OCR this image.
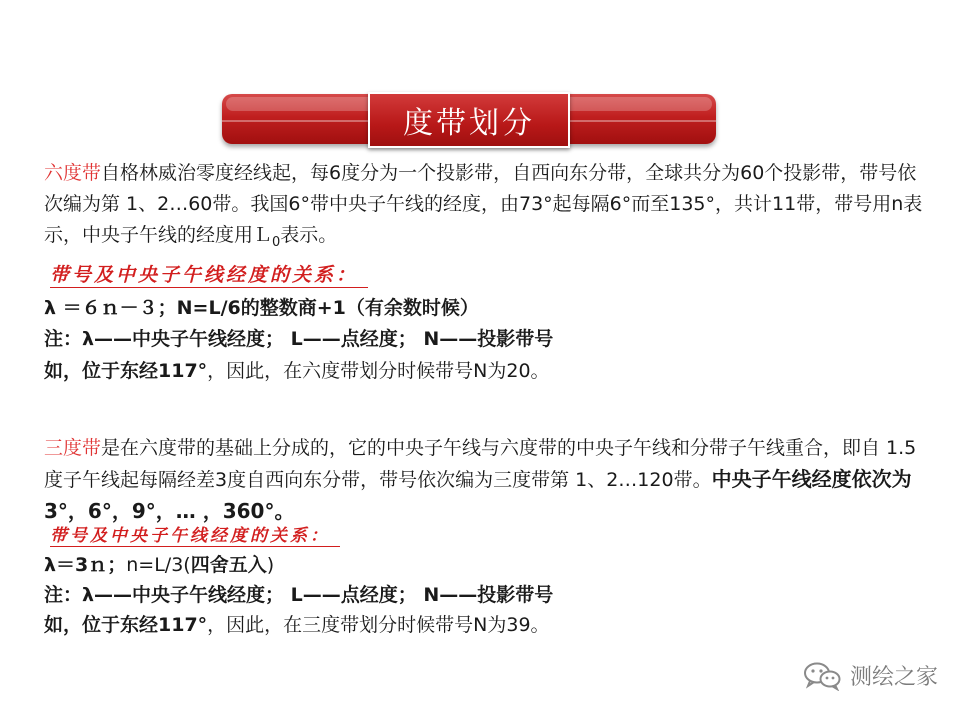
度带划分
六度带自格林威治零度经线起，每6度分为一个投影带，自西向东分带，全球共分为60个投影带，带号依次编为第 1、2…60带。我国6°带中央子午线的经度，由73°起每隔6°而至135°，共计11带，带号用n表示，中央子午线的经度用Ｌ$_0$表示。
带号及中央子午线经度的关系：
λ ＝６ｎ－３；N=L/6的整数商+1（有余数时候）
注：λ——中央子午线经度； L——点经度； N——投影带号
如，位于东经117°，因此，在六度带划分时候带号N为20。
三度带是在六度带的基础上分成的，它的中央子午线与六度带的中央子午线和分带子午线重合，即自 1.5度子午线起每隔经差3度自西向东分带，带号依次编为三度带第 1、2…120带。中央子午线经度依次为3°，6°，9°，… ，360°。
带号及中央子午线经度的关系：
λ＝3ｎ；n=L/3(四舍五入)
注：λ——中央子午线经度； L——点经度； N——投影带号
如，位于东经117°，因此，在三度带划分时候带号N为39。
测绘之家
